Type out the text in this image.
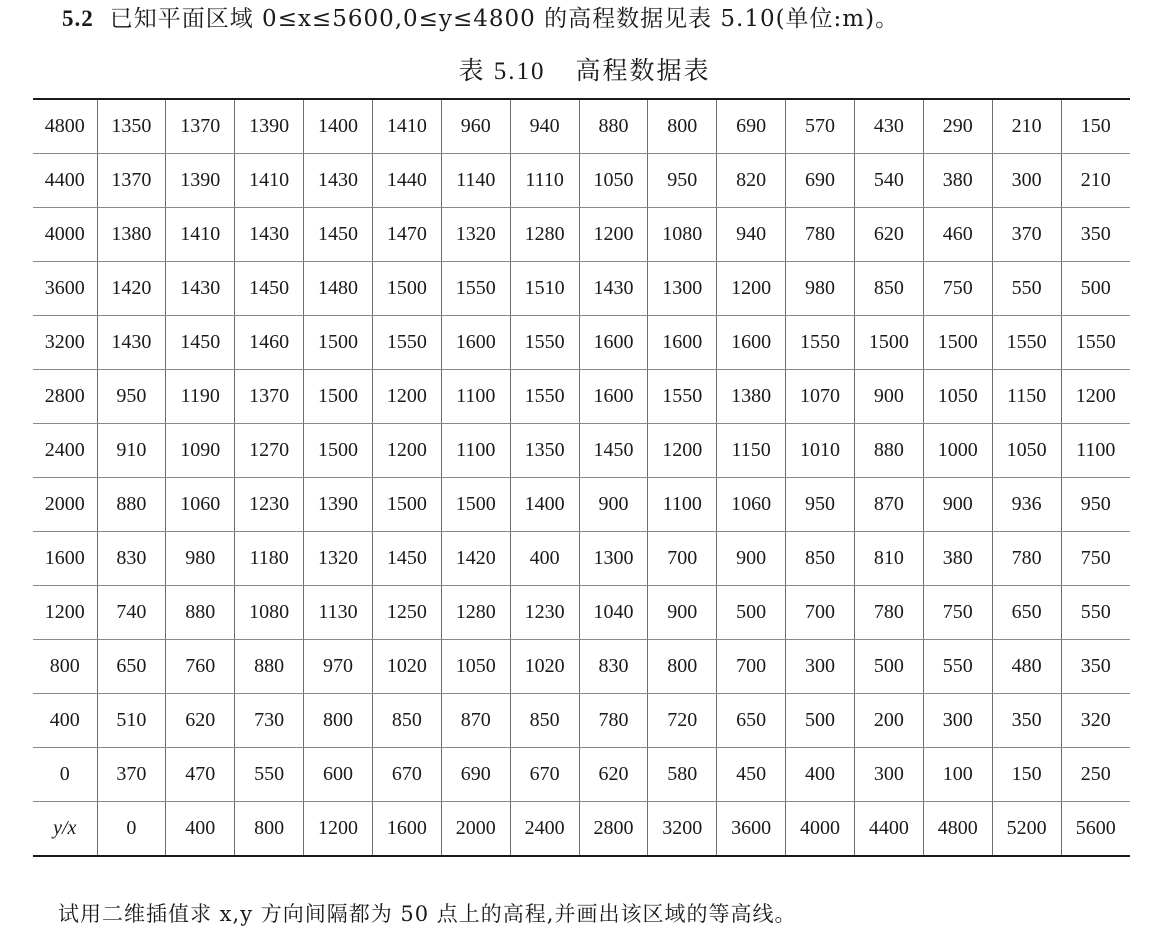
5.2 已知平面区域 0≤x≤5600,0≤y≤4800 的高程数据见表 5.10(单位:m)。
表 5.10 高程数据表
4800	1350	1370	1390	1400	1410	960	940	880	800	690	570	430	290	210	150
4400	1370	1390	1410	1430	1440	1140	1110	1050	950	820	690	540	380	300	210
4000	1380	1410	1430	1450	1470	1320	1280	1200	1080	940	780	620	460	370	350
3600	1420	1430	1450	1480	1500	1550	1510	1430	1300	1200	980	850	750	550	500
3200	1430	1450	1460	1500	1550	1600	1550	1600	1600	1600	1550	1500	1500	1550	1550
2800	950	1190	1370	1500	1200	1100	1550	1600	1550	1380	1070	900	1050	1150	1200
2400	910	1090	1270	1500	1200	1100	1350	1450	1200	1150	1010	880	1000	1050	1100
2000	880	1060	1230	1390	1500	1500	1400	900	1100	1060	950	870	900	936	950
1600	830	980	1180	1320	1450	1420	400	1300	700	900	850	810	380	780	750
1200	740	880	1080	1130	1250	1280	1230	1040	900	500	700	780	750	650	550
800	650	760	880	970	1020	1050	1020	830	800	700	300	500	550	480	350
400	510	620	730	800	850	870	850	780	720	650	500	200	300	350	320
0	370	470	550	600	670	690	670	620	580	450	400	300	100	150	250
y/x	0	400	800	1200	1600	2000	2400	2800	3200	3600	4000	4400	4800	5200	5600
试用二维插值求 x,y 方向间隔都为 50 点上的高程,并画出该区域的等高线。
